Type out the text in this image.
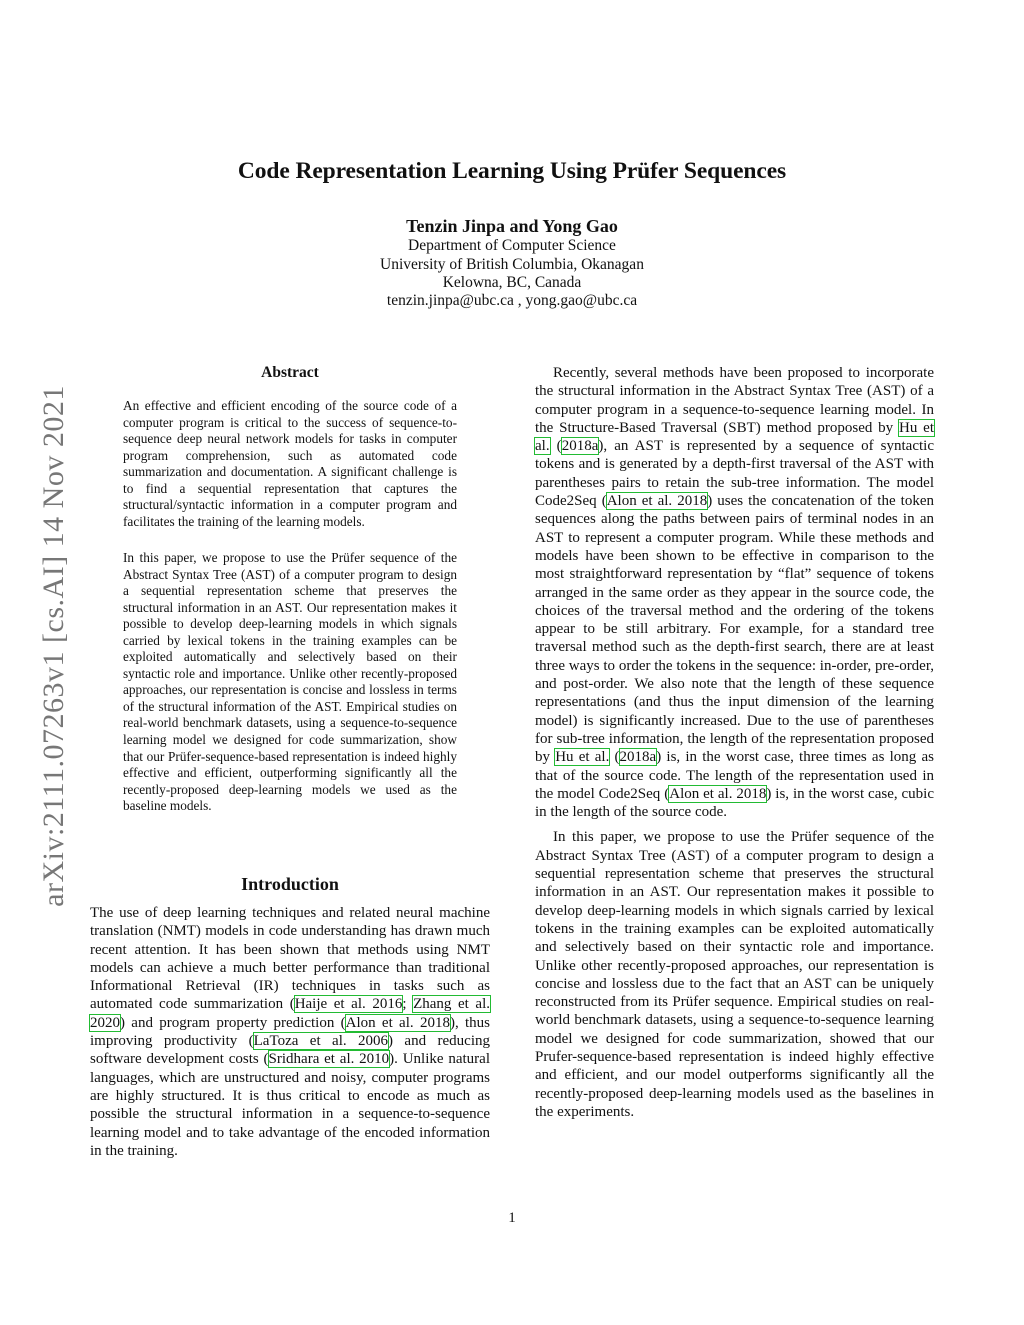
arXiv:2111.07263v1 [cs.AI] 14 Nov 2021
Code Representation Learning Using Prüfer Sequences
Tenzin Jinpa and Yong Gao
Department of Computer Science
University of British Columbia, Okanagan
Kelowna, BC, Canada
tenzin.jinpa@ubc.ca , yong.gao@ubc.ca
Abstract
An effective and efficient encoding of the source code of a computer program is critical to the success of sequence-to-sequence deep neural network models for tasks in computer program comprehension, such as automated code summarization and documentation. A significant challenge is to find a sequential representation that captures the structural/syntactic information in a computer program and facilitates the training of the learning models.
In this paper, we propose to use the Prüfer sequence of the Abstract Syntax Tree (AST) of a computer program to design a sequential representation scheme that preserves the structural information in an AST. Our representation makes it possible to develop deep-learning models in which signals carried by lexical tokens in the training examples can be exploited automatically and selectively based on their syntactic role and importance. Unlike other recently-proposed approaches, our representation is concise and lossless in terms of the structural information of the AST. Empirical studies on real-world benchmark datasets, using a sequence-to-sequence learning model we designed for code summarization, show that our Prüfer-sequence-based representation is indeed highly effective and efficient, outperforming significantly all the recently-proposed deep-learning models we used as the baseline models.
Introduction

The use of deep learning techniques and related neural machine translation (NMT) models in code understanding has drawn much recent attention. It has been shown that methods using NMT models can achieve a much better performance than traditional Informational Retrieval (IR) techniques in tasks such as automated code summarization (Haije et al. 2016; Zhang et al. 2020) and program property prediction (Alon et al. 2018), thus improving productivity (LaToza et al. 2006) and reducing software development costs (Sridhara et al. 2010). Unlike natural languages, which are unstructured and noisy, computer programs are highly structured. It is thus critical to encode as much as possible the structural information in a sequence-to-sequence learning model and to take advantage of the encoded information in the training.

Recently, several methods have been proposed to incorporate the structural information in the Abstract Syntax Tree (AST) of a computer program in a sequence-to-sequence learning model. In the Structure-Based Traversal (SBT) method proposed by Hu et al. (2018a), an AST is represented by a sequence of syntactic tokens and is generated by a depth-first traversal of the AST with parentheses pairs to retain the sub-tree information. The model Code2Seq (Alon et al. 2018) uses the concatenation of the token sequences along the paths between pairs of terminal nodes in an AST to represent a computer program. While these methods and models have been shown to be effective in comparison to the most straightforward representation by “flat” sequence of tokens arranged in the same order as they appear in the source code, the choices of the traversal method and the ordering of the tokens appear to be still arbitrary. For example, for a standard tree traversal method such as the depth-first search, there are at least three ways to order the tokens in the sequence: in-order, pre-order, and post-order. We also note that the length of these sequence representations (and thus the input dimension of the learning model) is significantly increased. Due to the use of parentheses for sub-tree information, the length of the representation proposed by Hu et al. (2018a) is, in the worst case, three times as long as that of the source code. The length of the representation used in the model Code2Seq (Alon et al. 2018) is, in the worst case, cubic in the length of the source code.

In this paper, we propose to use the Prüfer sequence of the Abstract Syntax Tree (AST) of a computer program to design a sequential representation scheme that preserves the structural information in an AST. Our representation makes it possible to develop deep-learning models in which signals carried by lexical tokens in the training examples can be exploited automatically and selectively based on their syntactic role and importance. Unlike other recently-proposed approaches, our representation is concise and lossless due to the fact that an AST can be uniquely reconstructed from its Prüfer sequence. Empirical studies on real-world benchmark datasets, using a sequence-to-sequence learning model we designed for code summarization, showed that our Prufer-sequence-based representation is indeed highly effective and efficient, and our model outperforms significantly all the recently-proposed deep-learning models used as the baselines in the experiments.

1
